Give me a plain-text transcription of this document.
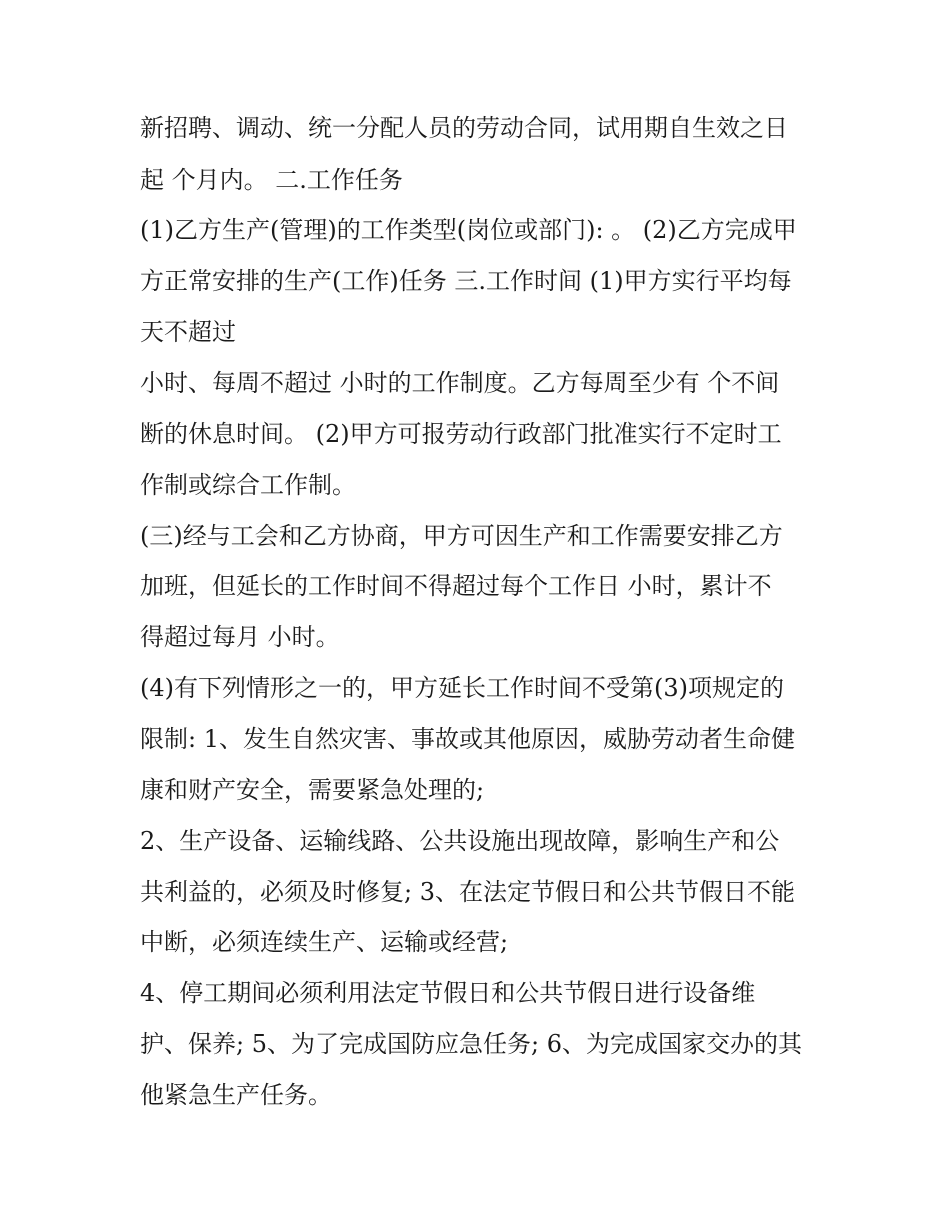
新招聘、调动、统一分配人员的劳动合同，试用期自生效之日

起 个月内。 二.工作任务

(1)乙方生产(管理)的工作类型(岗位或部门): 。 (2)乙方完成甲

方正常安排的生产(工作)任务 三.工作时间 (1)甲方实行平均每

天不超过

小时、每周不超过 小时的工作制度。乙方每周至少有 个不间

断的休息时间。 (2)甲方可报劳动行政部门批准实行不定时工

作制或综合工作制。

(三)经与工会和乙方协商，甲方可因生产和工作需要安排乙方

加班，但延长的工作时间不得超过每个工作日 小时，累计不

得超过每月 小时。

(4)有下列情形之一的，甲方延长工作时间不受第(3)项规定的

限制: 1、发生自然灾害、事故或其他原因，威胁劳动者生命健

康和财产安全，需要紧急处理的;

2、生产设备、运输线路、公共设施出现故障，影响生产和公

共利益的，必须及时修复; 3、在法定节假日和公共节假日不能

中断，必须连续生产、运输或经营;

4、停工期间必须利用法定节假日和公共节假日进行设备维

护、保养; 5、为了完成国防应急任务; 6、为完成国家交办的其

他紧急生产任务。
